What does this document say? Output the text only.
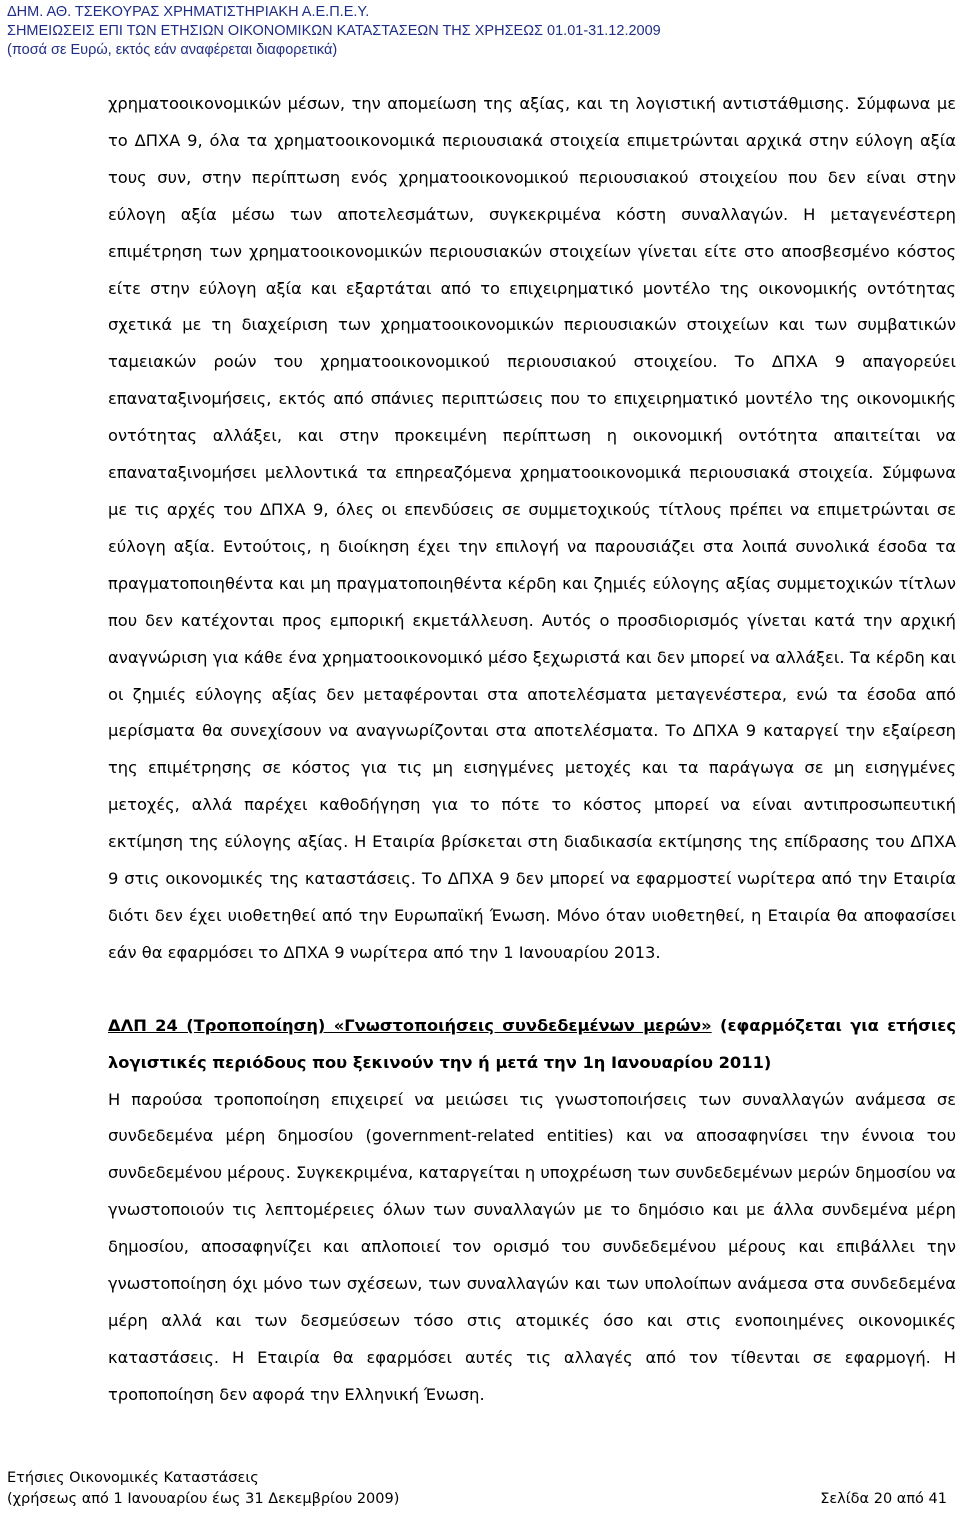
ΔΗΜ. ΑΘ. ΤΣΕΚΟΥΡΑΣ ΧΡΗΜΑΤΙΣΤΗΡΙΑΚΗ Α.Ε.Π.Ε.Υ.
ΣΗΜΕΙΩΣΕΙΣ ΕΠΙ ΤΩΝ ΕΤΗΣΙΩΝ ΟΙΚΟΝΟΜΙΚΩΝ ΚΑΤΑΣΤΑΣΕΩΝ ΤΗΣ ΧΡΗΣΕΩΣ 01.01-31.12.2009
(ποσά σε Ευρώ, εκτός εάν αναφέρεται διαφορετικά)

χρηματοοικονομικών μέσων, την απομείωση της αξίας, και τη λογιστική αντιστάθμισης. Σύμφωνα με το ΔΠΧΑ 9, όλα τα χρηματοοικονομικά περιουσιακά στοιχεία επιμετρώνται αρχικά στην εύλογη αξία τους συν, στην περίπτωση ενός χρηματοοικονομικού περιουσιακού στοιχείου που δεν είναι στην εύλογη αξία μέσω των αποτελεσμάτων, συγκεκριμένα κόστη συναλλαγών. Η μεταγενέστερη επιμέτρηση των χρηματοοικονομικών περιουσιακών στοιχείων γίνεται είτε στο αποσβεσμένο κόστος είτε στην εύλογη αξία και εξαρτάται από το επιχειρηματικό μοντέλο της οικονομικής οντότητας σχετικά με τη διαχείριση των χρηματοοικονομικών περιουσιακών στοιχείων και των συμβατικών ταμειακών ροών του χρηματοοικονομικού περιουσιακού στοιχείου. Το ΔΠΧΑ 9 απαγορεύει επαναταξινομήσεις, εκτός από σπάνιες περιπτώσεις που το επιχειρηματικό μοντέλο της οικονομικής οντότητας αλλάξει, και στην προκειμένη περίπτωση η οικονομική οντότητα απαιτείται να επαναταξινομήσει μελλοντικά τα επηρεαζόμενα χρηματοοικονομικά περιουσιακά στοιχεία. Σύμφωνα με τις αρχές του ΔΠΧΑ 9, όλες οι επενδύσεις σε συμμετοχικούς τίτλους πρέπει να επιμετρώνται σε εύλογη αξία. Εντούτοις, η διοίκηση έχει την επιλογή να παρουσιάζει στα λοιπά συνολικά έσοδα τα πραγματοποιηθέντα και μη πραγματοποιηθέντα κέρδη και ζημιές εύλογης αξίας συμμετοχικών τίτλων που δεν κατέχονται προς εμπορική εκμετάλλευση. Αυτός ο προσδιορισμός γίνεται κατά την αρχική αναγνώριση για κάθε ένα χρηματοοικονομικό μέσο ξεχωριστά και δεν μπορεί να αλλάξει. Τα κέρδη και οι ζημιές εύλογης αξίας δεν μεταφέρονται στα αποτελέσματα μεταγενέστερα, ενώ τα έσοδα από μερίσματα θα συνεχίσουν να αναγνωρίζονται στα αποτελέσματα. Το ΔΠΧΑ 9 καταργεί την εξαίρεση της επιμέτρησης σε κόστος για τις μη εισηγμένες μετοχές και τα παράγωγα σε μη εισηγμένες μετοχές, αλλά παρέχει καθοδήγηση για το πότε το κόστος μπορεί να είναι αντιπροσωπευτική εκτίμηση της εύλογης αξίας. Η Εταιρία βρίσκεται στη διαδικασία εκτίμησης της επίδρασης του ΔΠΧΑ 9 στις οικονομικές της καταστάσεις. Το ΔΠΧΑ 9 δεν μπορεί να εφαρμοστεί νωρίτερα από την Εταιρία διότι δεν έχει υιοθετηθεί από την Ευρωπαϊκή Ένωση. Μόνο όταν υιοθετηθεί, η Εταιρία θα αποφασίσει εάν θα εφαρμόσει το ΔΠΧΑ 9 νωρίτερα από την 1 Ιανουαρίου 2013.

ΔΛΠ 24 (Τροποποίηση) «Γνωστοποιήσεις συνδεδεμένων μερών» (εφαρμόζεται για ετήσιες λογιστικές περιόδους που ξεκινούν την ή μετά την 1η Ιανουαρίου 2011)

Η παρούσα τροποποίηση επιχειρεί να μειώσει τις γνωστοποιήσεις των συναλλαγών ανάμεσα σε συνδεδεμένα μέρη δημοσίου (government-related entities) και να αποσαφηνίσει την έννοια του συνδεδεμένου μέρους. Συγκεκριμένα, καταργείται η υποχρέωση των συνδεδεμένων μερών δημοσίου να γνωστοποιούν τις λεπτομέρειες όλων των συναλλαγών με το δημόσιο και με άλλα συνδεμένα μέρη δημοσίου, αποσαφηνίζει και απλοποιεί τον ορισμό του συνδεδεμένου μέρους και επιβάλλει την γνωστοποίηση όχι μόνο των σχέσεων, των συναλλαγών και των υπολοίπων ανάμεσα στα συνδεδεμένα μέρη αλλά και των δεσμεύσεων τόσο στις ατομικές όσο και στις ενοποιημένες οικονομικές καταστάσεις. Η Εταιρία θα εφαρμόσει αυτές τις αλλαγές από τον τίθενται σε εφαρμογή. Η τροποποίηση δεν αφορά την Ελληνική Ένωση.

Ετήσιες Οικονομικές Καταστάσεις
(χρήσεως από 1 Ιανουαρίου έως 31 Δεκεμβρίου 2009)	Σελίδα 20 από 41
